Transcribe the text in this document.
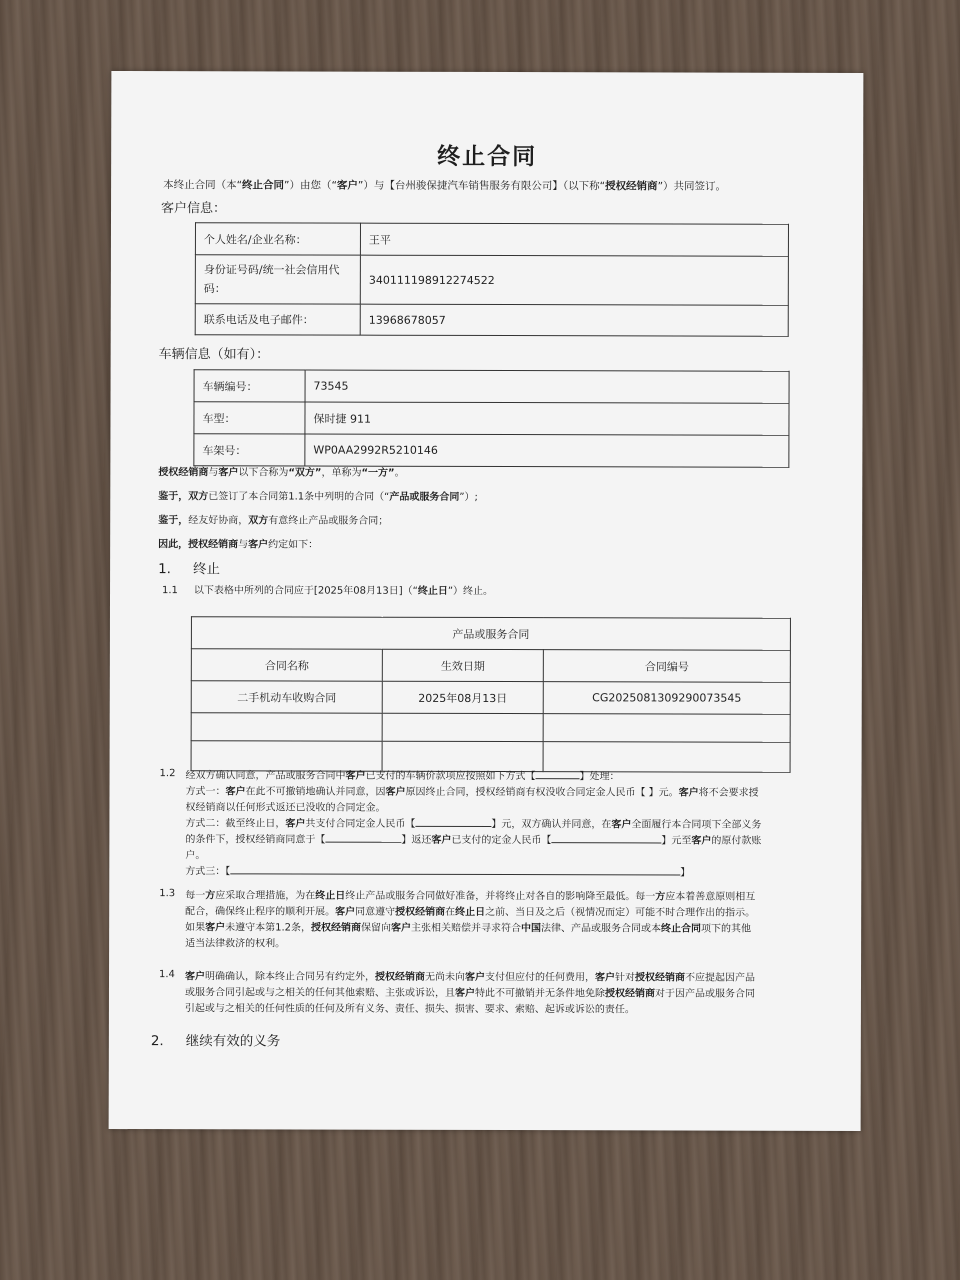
终止合同
本终止合同（本“终止合同”）由您（“客户”）与【台州骏保捷汽车销售服务有限公司】（以下称“授权经销商”）共同签订。
客户信息：
个人姓名/企业名称：	王平
身份证号码/统一社会信用代码：	340111198912274522
联系电话及电子邮件：	13968678057
车辆信息（如有）：
车辆编号：	73545
车型：	保时捷 911
车架号：	WP0AA2992R5210146
授权经销商与客户以下合称为“双方”，单称为“一方”。
鉴于，双方已签订了本合同第1.1条中列明的合同（“产品或服务合同”）;
鉴于，经友好协商，双方有意终止产品或服务合同；
因此，授权经销商与客户约定如下：
1. 终止
1.1 以下表格中所列的合同应于[2025年08月13日]（“终止日”）终止。
产品或服务合同		
合同名称	生效日期	合同编号
二手机动车收购合同	2025年08月13日	CG2025081309290073545

1.2 经双方确认同意，产品或服务合同中客户已支付的车辆价款项应按照如下方式【	】处理：
方式一：客户在此不可撤销地确认并同意，因客户原因终止合同，授权经销商有权没收合同定金人民币【 】元。客户将不会要求授
权经销商以任何形式返还已没收的合同定金。
方式二：截至终止日，客户共支付合同定金人民币【	】元，双方确认并同意，在客户全面履行本合同项下全部义务
的条件下，授权经销商同意于【	】返还客户已支付的定金人民币【	】元至客户的原付款账
户。
方式三：【	】
1.3 每一方应采取合理措施，为在终止日终止产品或服务合同做好准备，并将终止对各自的影响降至最低。每一方应本着善意原则相互
配合，确保终止程序的顺利开展。客户同意遵守授权经销商在终止日之前、当日及之后（视情况而定）可能不时合理作出的指示。
如果客户未遵守本第1.2条，授权经销商保留向客户主张相关赔偿并寻求符合中国法律、产品或服务合同或本终止合同项下的其他
适当法律救济的权利。
1.4 客户明确确认，除本终止合同另有约定外，授权经销商无尚未向客户支付但应付的任何费用，客户针对授权经销商不应提起因产品
或服务合同引起或与之相关的任何其他索赔、主张或诉讼，且客户特此不可撤销并无条件地免除授权经销商对于因产品或服务合同
引起或与之相关的任何性质的任何及所有义务、责任、损失、损害、要求、索赔、起诉或诉讼的责任。
2. 继续有效的义务
